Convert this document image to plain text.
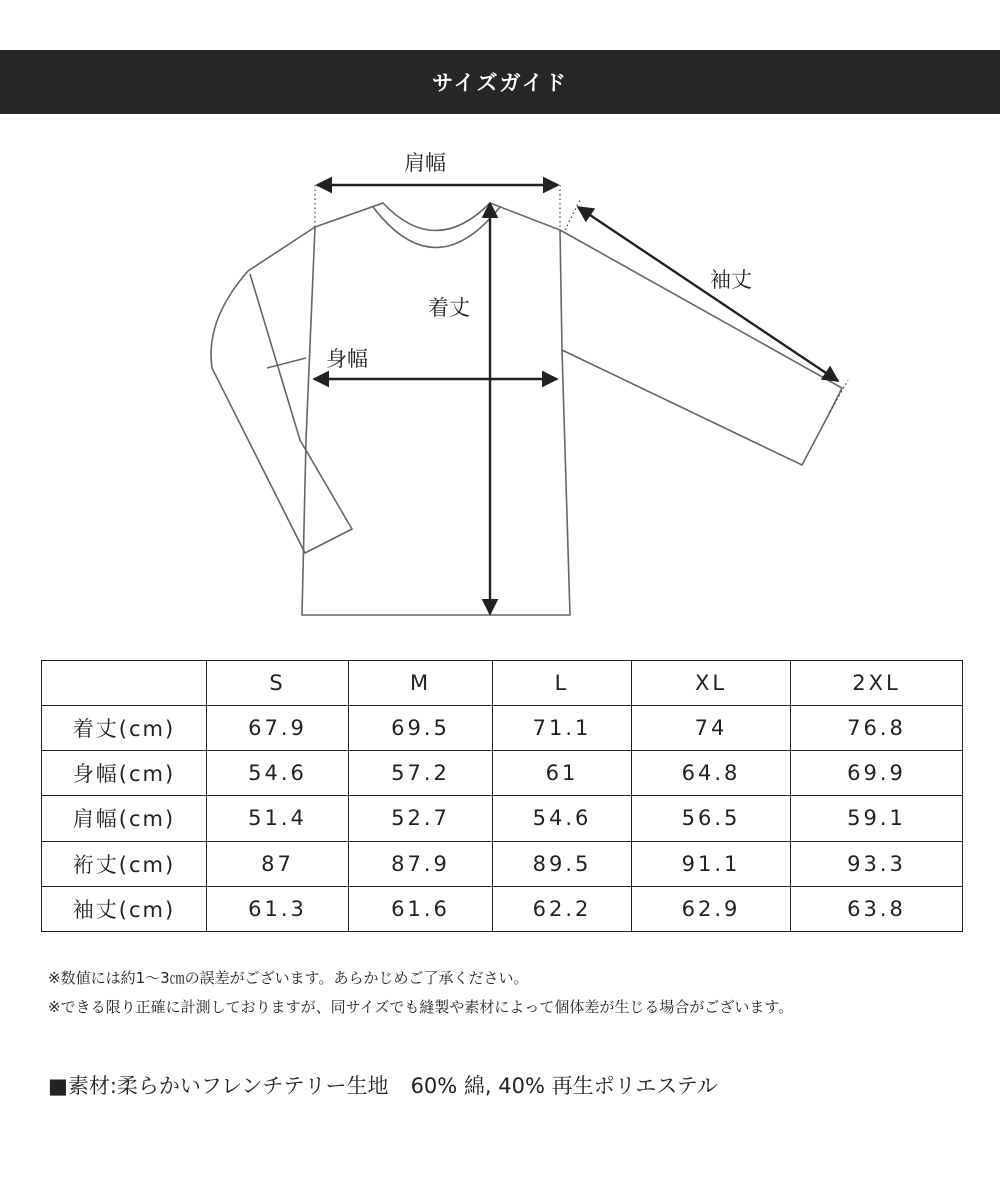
サイズガイド
肩幅
着丈
身幅
袖丈
	S	M	L	XL	2XL
着丈(cm)	67.9	69.5	71.1	74	76.8
身幅(cm)	54.6	57.2	61	64.8	69.9
肩幅(cm)	51.4	52.7	54.6	56.5	59.1
裄丈(cm)	87	87.9	89.5	91.1	93.3
袖丈(cm)	61.3	61.6	62.2	62.9	63.8

※数値には約1〜3㎝の誤差がございます。あらかじめご了承ください。

※できる限り正確に計測しておりますが、同サイズでも縫製や素材によって個体差が生じる場合がございます。

■素材:柔らかいフレンチテリー生地 60% 綿, 40% 再生ポリエステル
